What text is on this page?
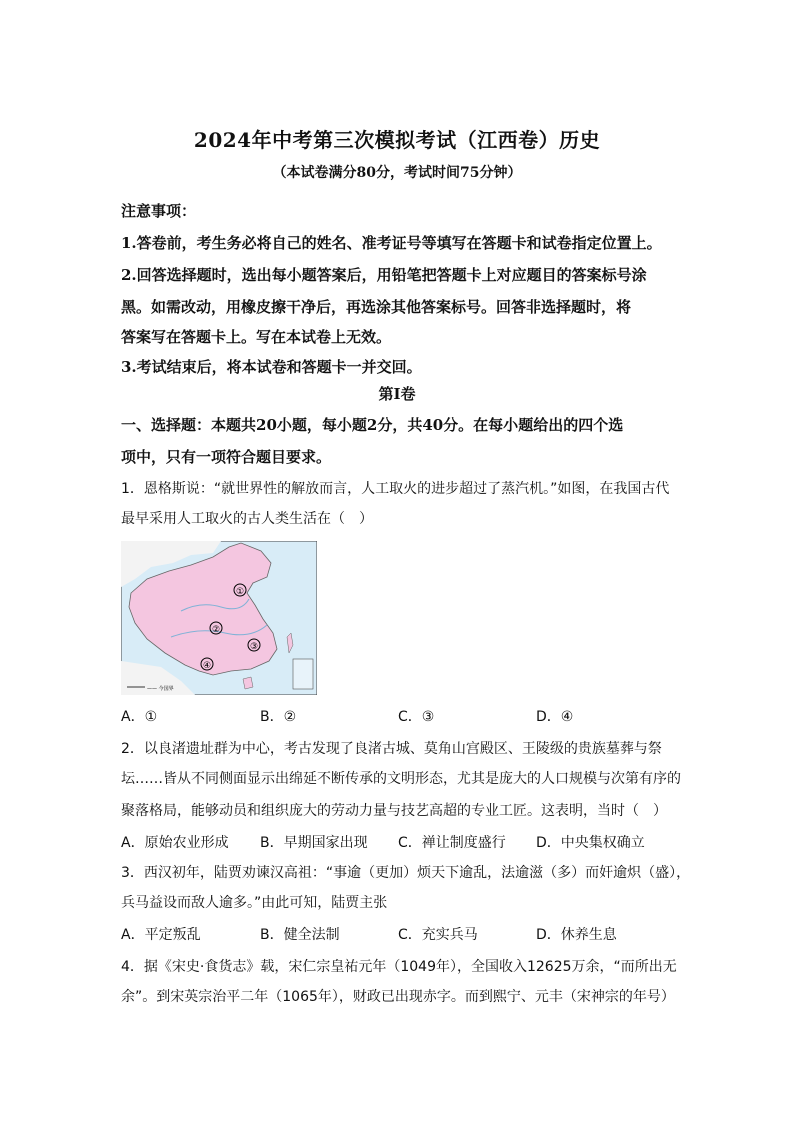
2024年中考第三次模拟考试（江西卷）历史
（本试卷满分80分，考试时间75分钟）
注意事项：
1.答卷前，考生务必将自己的姓名、准考证号等填写在答题卡和试卷指定位置上。
2.回答选择题时，选出每小题答案后，用铅笔把答题卡上对应题目的答案标号涂
黑。如需改动，用橡皮擦干净后，再选涂其他答案标号。回答非选择题时，将
答案写在答题卡上。写在本试卷上无效。
3.考试结束后，将本试卷和答题卡一并交回。
第Ⅰ卷
一、选择题：本题共20小题，每小题2分，共40分。在每小题给出的四个选
项中，只有一项符合题目要求。
1．恩格斯说：“就世界性的解放而言，人工取火的进步超过了蒸汽机。”如图，在我国古代
最早采用人工取火的古人类生活在（　）
①
②
③
④
—— 今国界
A．①	B．②	C．③	D．④
2．以良渚遗址群为中心，考古发现了良渚古城、莫角山宫殿区、王陵级的贵族墓葬与祭
坛……皆从不同侧面显示出绵延不断传承的文明形态，尤其是庞大的人口规模与次第有序的
聚落格局，能够动员和组织庞大的劳动力量与技艺高超的专业工匠。这表明，当时（　）
A．原始农业形成 B．早期国家出现 C．禅让制度盛行 D．中央集权确立
3．西汉初年，陆贾劝谏汉高祖：“事逾（更加）烦天下逾乱，法逾滋（多）而奸逾炽（盛），
兵马益设而敌人逾多。”由此可知，陆贾主张
A．平定叛乱	B．健全法制	C．充实兵马	D．休养生息
4．据《宋史·食货志》载，宋仁宗皇祐元年（1049年），全国收入12625万余，“而所出无
余”。到宋英宗治平二年（1065年），财政已出现赤字。而到熙宁、元丰（宋神宗的年号）
